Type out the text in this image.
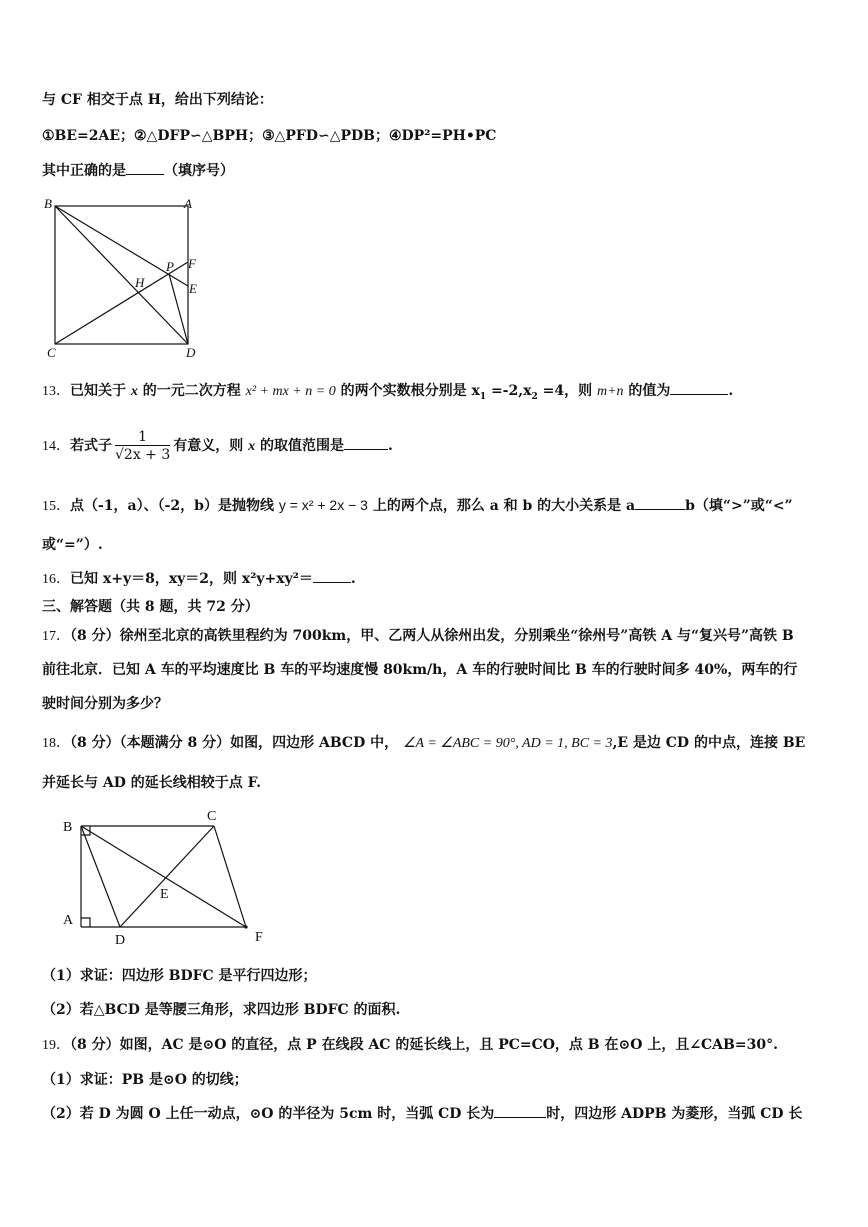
与 CF 相交于点 H，给出下列结论：
①BE=2AE；②△DFP∽△BPH；③△PFD∽△PDB；④DP²=PH•PC
其中正确的是	（填序号）
B	A
P F
H	E
C	D
13．已知关于 x 的一元二次方程 x² + mx + n = 0 的两个实数根分别是 $x_1 =-2,x_2 =4$，则 m+n 的值为	.
14．若式子 $\frac{1}{√2x + 3}$ 有意义，则 x 的取值范围是	.
15．点（-1，a）、（-2，b）是抛物线 y = x² + 2x − 3 上的两个点，那么 a 和 b 的大小关系是 a	b（填“>”或“<”
或“=”）.
16．已知 x+y＝8，xy＝2，则 x²y+xy²＝	.
三、解答题（共 8 题，共 72 分）
17．（8 分）徐州至北京的高铁里程约为 700km，甲、乙两人从徐州出发，分别乘坐“徐州号”高铁 A 与“复兴号”高铁 B
前往北京．已知 A 车的平均速度比 B 车的平均速度慢 80km/h，A 车的行驶时间比 B 车的行驶时间多 40%，两车的行
驶时间分别为多少？
18．（8 分）（本题满分 8 分）如图，四边形 ABCD 中， ∠A = ∠ABC = 90°, AD = 1, BC = 3,E 是边 CD 的中点，连接 BE
并延长与 AD 的延长线相较于点 F.
B
C
E
A
D	F
（1）求证：四边形 BDFC 是平行四边形；
（2）若△BCD 是等腰三角形，求四边形 BDFC 的面积.
19．（8 分）如图，AC 是⊙O 的直径，点 P 在线段 AC 的延长线上，且 PC=CO，点 B 在⊙O 上，且∠CAB=30°.
（1）求证：PB 是⊙O 的切线；
（2）若 D 为圆 O 上任一动点，⊙O 的半径为 5cm 时，当弧 CD 长为	时，四边形 ADPB 为菱形，当弧 CD 长
